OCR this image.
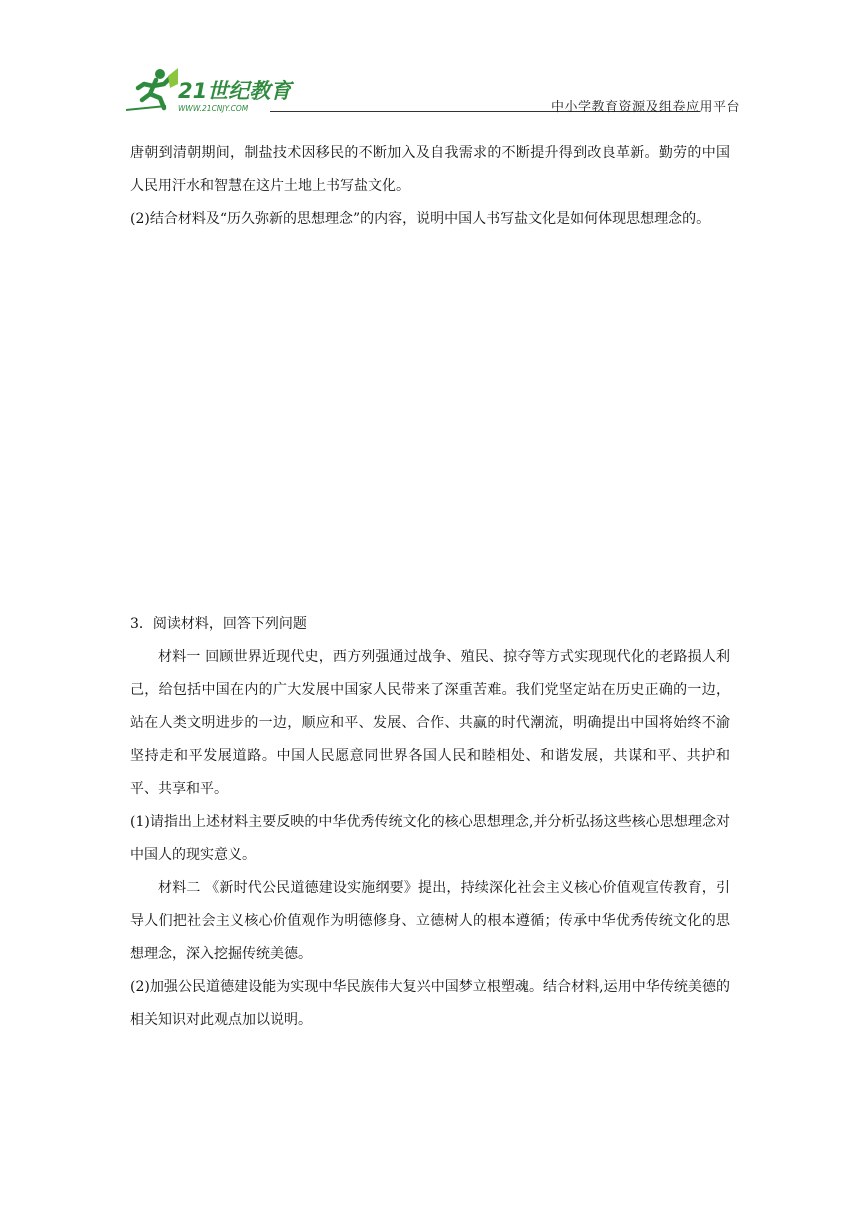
21世纪教育
WWW.21CNJY.COM	中小学教育资源及组卷应用平台

唐朝到清朝期间，制盐技术因移民的不断加入及自我需求的不断提升得到改良革新。勤劳的中国人民用汗水和智慧在这片土地上书写盐文化。

(2)结合材料及“历久弥新的思想理念”的内容，说明中国人书写盐文化是如何体现思想理念的。

3．阅读材料，回答下列问题

材料一 回顾世界近现代史，西方列强通过战争、殖民、掠夺等方式实现现代化的老路损人利己，给包括中国在内的广大发展中国家人民带来了深重苦难。我们党坚定站在历史正确的一边，站在人类文明进步的一边，顺应和平、发展、合作、共赢的时代潮流，明确提出中国将始终不渝坚持走和平发展道路。中国人民愿意同世界各国人民和睦相处、和谐发展，共谋和平、共护和平、共享和平。

(1)请指出上述材料主要反映的中华优秀传统文化的核心思想理念,并分析弘扬这些核心思想理念对中国人的现实意义。

材料二 《新时代公民道德建设实施纲要》提出，持续深化社会主义核心价值观宣传教育，引导人们把社会主义核心价值观作为明德修身、立德树人的根本遵循；传承中华优秀传统文化的思想理念，深入挖掘传统美德。

(2)加强公民道德建设能为实现中华民族伟大复兴中国梦立根塑魂。结合材料,运用中华传统美德的相关知识对此观点加以说明。
